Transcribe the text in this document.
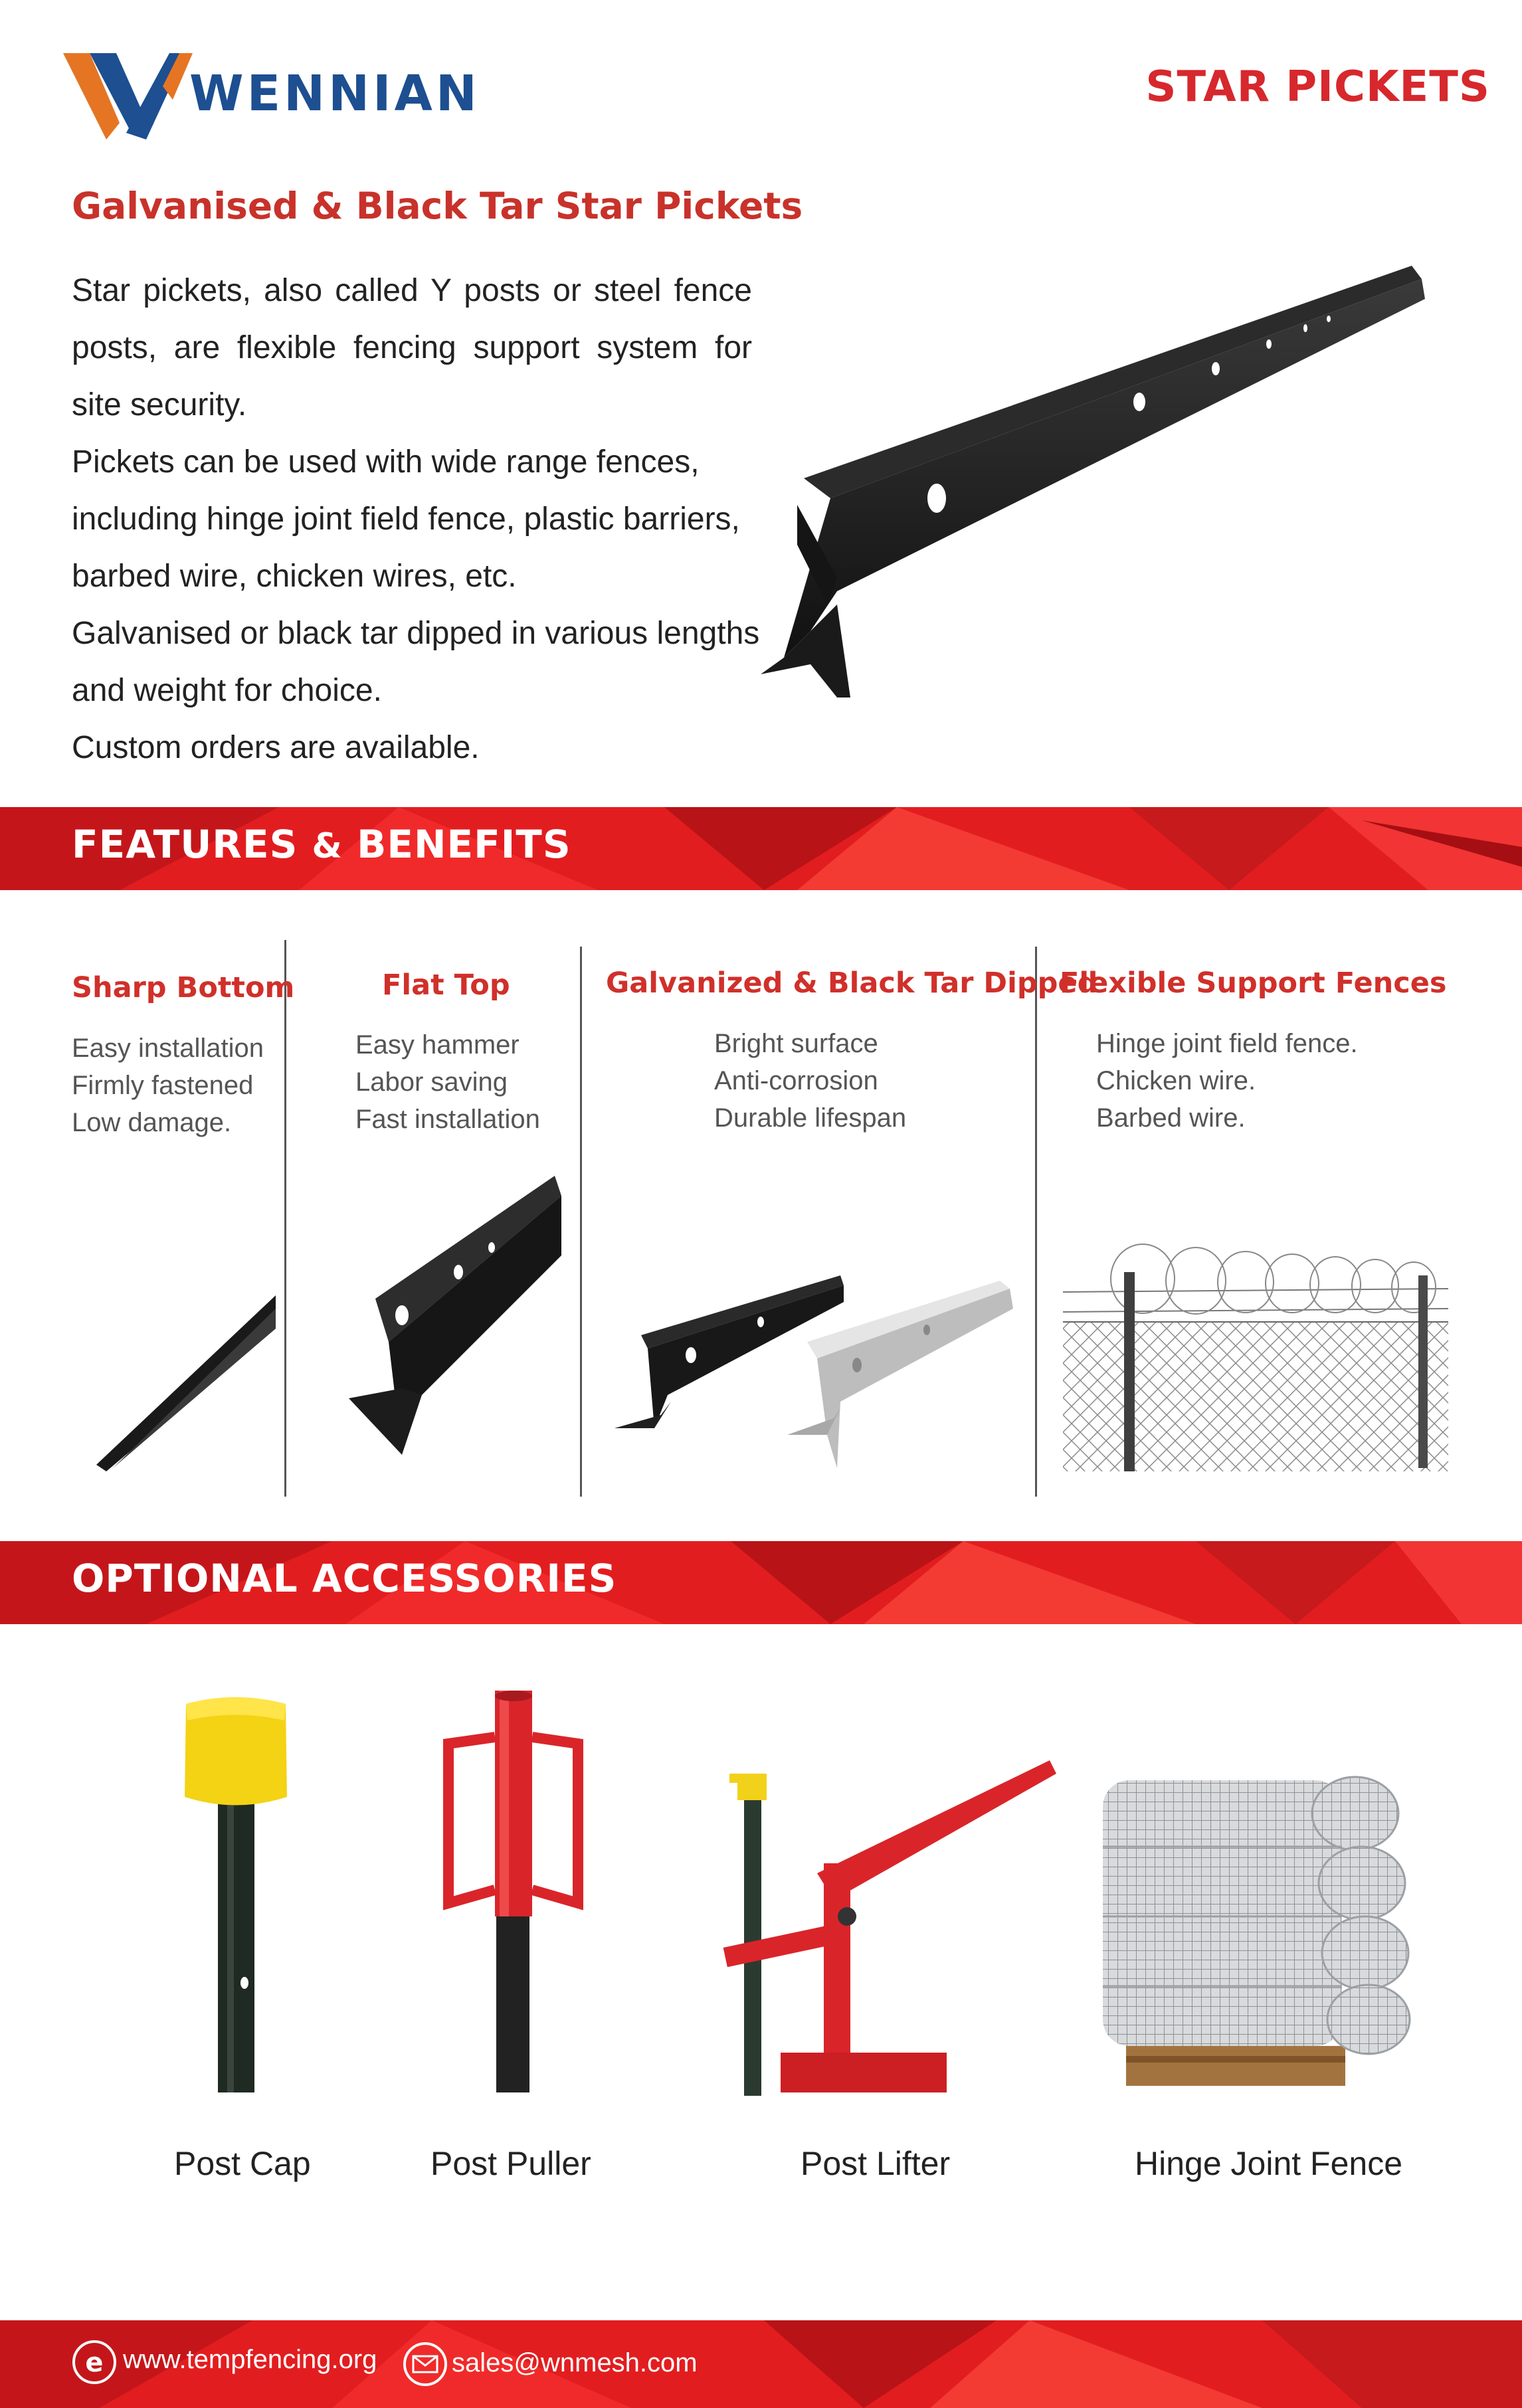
WENNIAN	STAR PICKETS
Galvanised & Black Tar Star Pickets

Star pickets, also called Y posts or steel fence posts, are flexible fencing support system for site security.

Pickets can be used with wide range fences,

including hinge joint field fence, plastic barriers,

barbed wire, chicken wires, etc.

Galvanised or black tar dipped in various lengths

and weight for choice.

Custom orders are available.

FEATURES & BENEFITS
Sharp Bottom
Easy installation
Firmly fastened
Low damage.
Flat Top
Easy hammer
Labor saving
Fast installation
Galvanized & Black Tar Dipped
Bright surface
Anti-corrosion
Durable lifespan
Flexible Support Fences
Hinge joint field fence.
Chicken wire.
Barbed wire.
OPTIONAL ACCESSORIES
Post Cap	Post Puller	Post Lifter	Hinge Joint Fence
e www.tempfencing.org	sales@wnmesh.com
